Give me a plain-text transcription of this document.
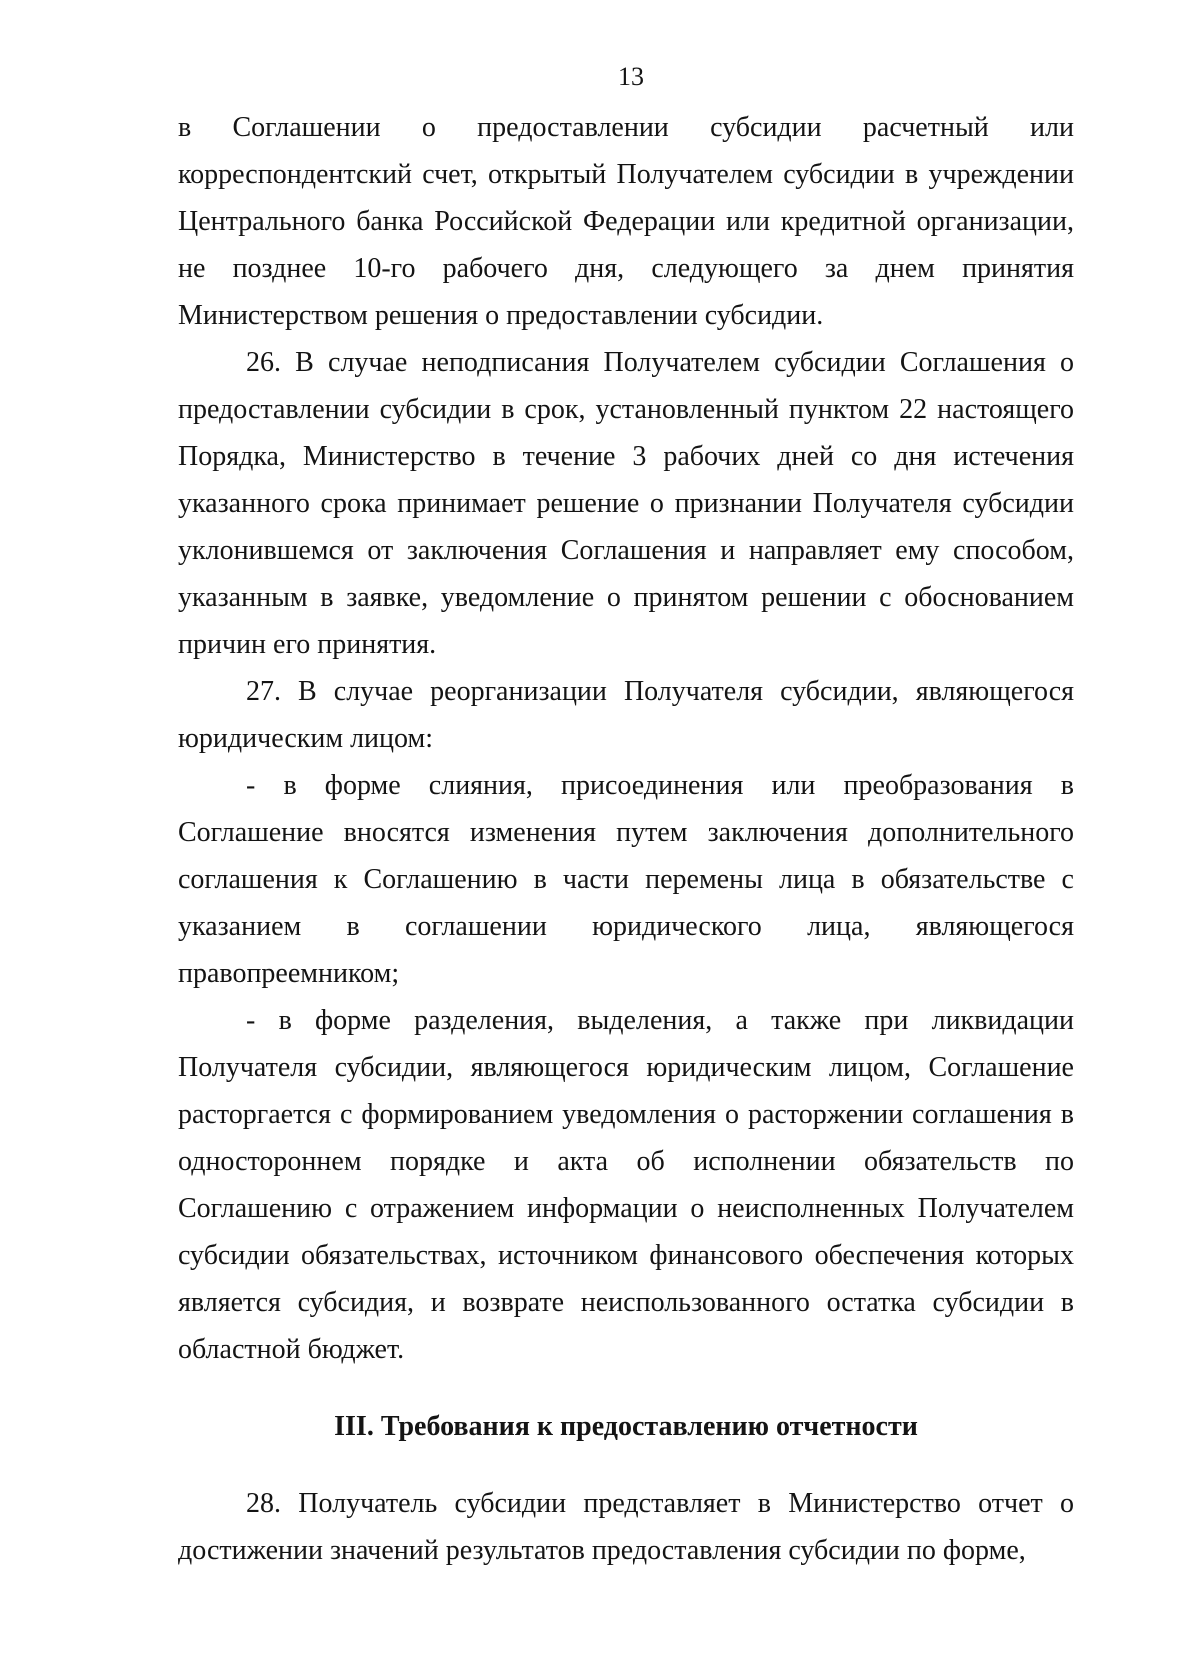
13

в Соглашении о предоставлении субсидии расчетный или корреспондентский счет, открытый Получателем субсидии в учреждении Центрального банка Российской Федерации или кредитной организации, не позднее 10-го рабочего дня, следующего за днем принятия Министерством решения о предоставлении субсидии.

26. В случае неподписания Получателем субсидии Соглашения о предоставлении субсидии в срок, установленный пунктом 22 настоящего Порядка, Министерство в течение 3 рабочих дней со дня истечения указанного срока принимает решение о признании Получателя субсидии уклонившемся от заключения Соглашения и направляет ему способом, указанным в заявке, уведомление о принятом решении с обоснованием причин его принятия.

27. В случае реорганизации Получателя субсидии, являющегося юридическим лицом:

- в форме слияния, присоединения или преобразования в Соглашение вносятся изменения путем заключения дополнительного соглашения к Соглашению в части перемены лица в обязательстве с указанием в соглашении юридического лица, являющегося правопреемником;

- в форме разделения, выделения, а также при ликвидации Получателя субсидии, являющегося юридическим лицом, Соглашение расторгается с формированием уведомления о расторжении соглашения в одностороннем порядке и акта об исполнении обязательств по Соглашению с отражением информации о неисполненных Получателем субсидии обязательствах, источником финансового обеспечения которых является субсидия, и возврате неиспользованного остатка субсидии в областной бюджет.

III. Требования к предоставлению отчетности

28. Получатель субсидии представляет в Министерство отчет о достижении значений результатов предоставления субсидии по форме,
